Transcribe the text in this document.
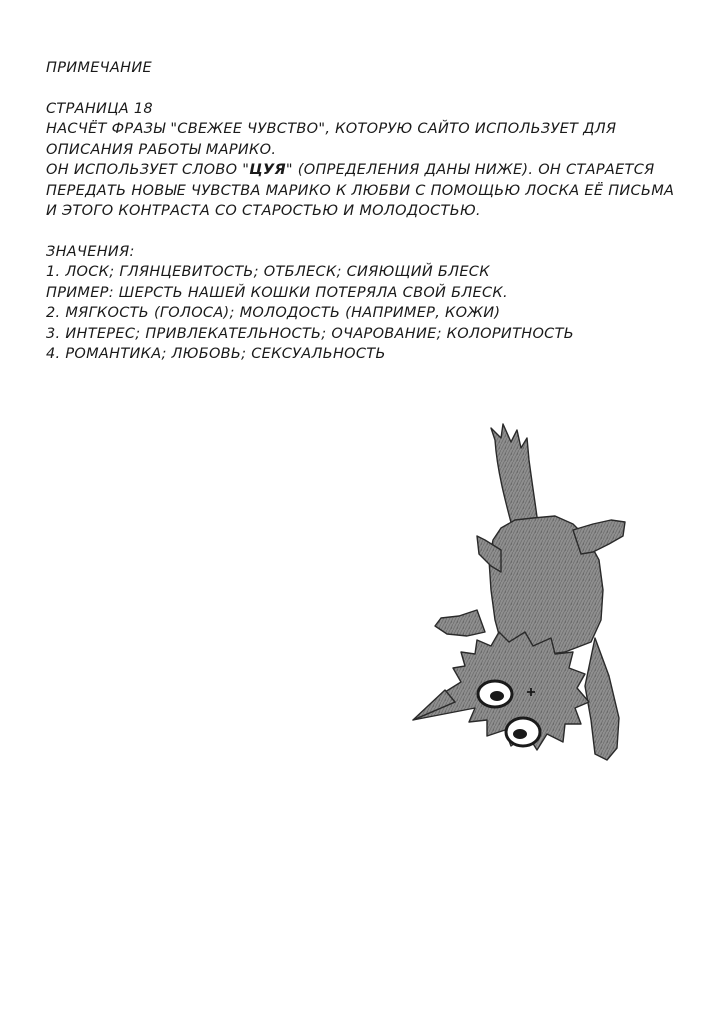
ПРИМЕЧАНИЕ

СТРАНИЦА 18

НАСЧЁТ ФРАЗЫ "СВЕЖЕЕ ЧУВСТВО", КОТОРУЮ САЙТО ИСПОЛЬЗУЕТ ДЛЯ

ОПИСАНИЯ РАБОТЫ МАРИКО.

ОН ИСПОЛЬЗУЕТ СЛОВО "ЦУЯ" (ОПРЕДЕЛЕНИЯ ДАНЫ НИЖЕ). ОН СТАРАЕТСЯ

ПЕРЕДАТЬ НОВЫЕ ЧУВСТВА МАРИКО К ЛЮБВИ С ПОМОЩЬЮ ЛОСКА ЕЁ ПИСЬМА

И ЭТОГО КОНТРАСТА СО СТАРОСТЬЮ И МОЛОДОСТЬЮ.

ЗНАЧЕНИЯ:

1. ЛОСК; ГЛЯНЦЕВИТОСТЬ; ОТБЛЕСК; СИЯЮЩИЙ БЛЕСК

ПРИМЕР: ШЕРСТЬ НАШЕЙ КОШКИ ПОТЕРЯЛА СВОЙ БЛЕСК.

2. МЯГКОСТЬ (ГОЛОСА); МОЛОДОСТЬ (НАПРИМЕР, КОЖИ)

3. ИНТЕРЕС; ПРИВЛЕКАТЕЛЬНОСТЬ; ОЧАРОВАНИЕ; КОЛОРИТНОСТЬ

4. РОМАНТИКА; ЛЮБОВЬ; СЕКСУАЛЬНОСТЬ
